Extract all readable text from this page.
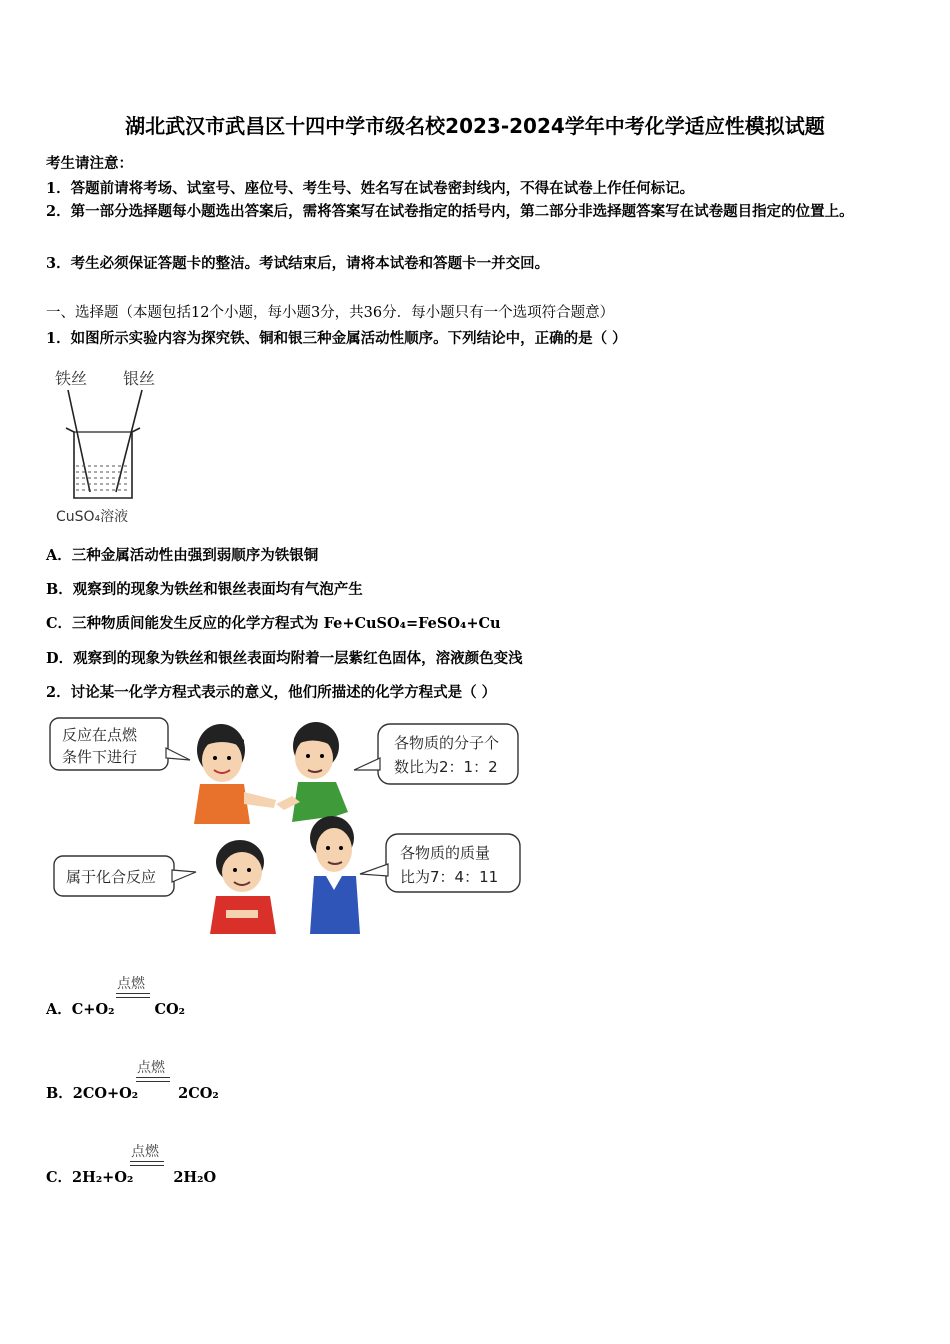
湖北武汉市武昌区十四中学市级名校2023-2024学年中考化学适应性模拟试题
考生请注意：
1．答题前请将考场、试室号、座位号、考生号、姓名写在试卷密封线内，不得在试卷上作任何标记。
2．第一部分选择题每小题选出答案后，需将答案写在试卷指定的括号内，第二部分非选择题答案写在试卷题目指定的位置上。
3．考生必须保证答题卡的整洁。考试结束后，请将本试卷和答题卡一并交回。
一、选择题（本题包括12个小题，每小题3分，共36分．每小题只有一个选项符合题意）
1．如图所示实验内容为探究铁、铜和银三种金属活动性顺序。下列结论中，正确的是（ ）
铁丝 银丝
CuSO₄溶液
A．三种金属活动性由强到弱顺序为铁银铜
B．观察到的现象为铁丝和银丝表面均有气泡产生
C．三种物质间能发生反应的化学方程式为 Fe+CuSO₄=FeSO₄+Cu
D．观察到的现象为铁丝和银丝表面均附着一层紫红色固体，溶液颜色变浅
2．讨论某一化学方程式表示的意义，他们所描述的化学方程式是（ ）
反应在点燃
条件下进行
各物质的分子个
数比为2：1：2
属于化合反应
各物质的质量
比为7：4：11
点燃
A．C+O₂	CO₂
点燃
B．2CO+O₂	2CO₂
点燃
C．2H₂+O₂	2H₂O
